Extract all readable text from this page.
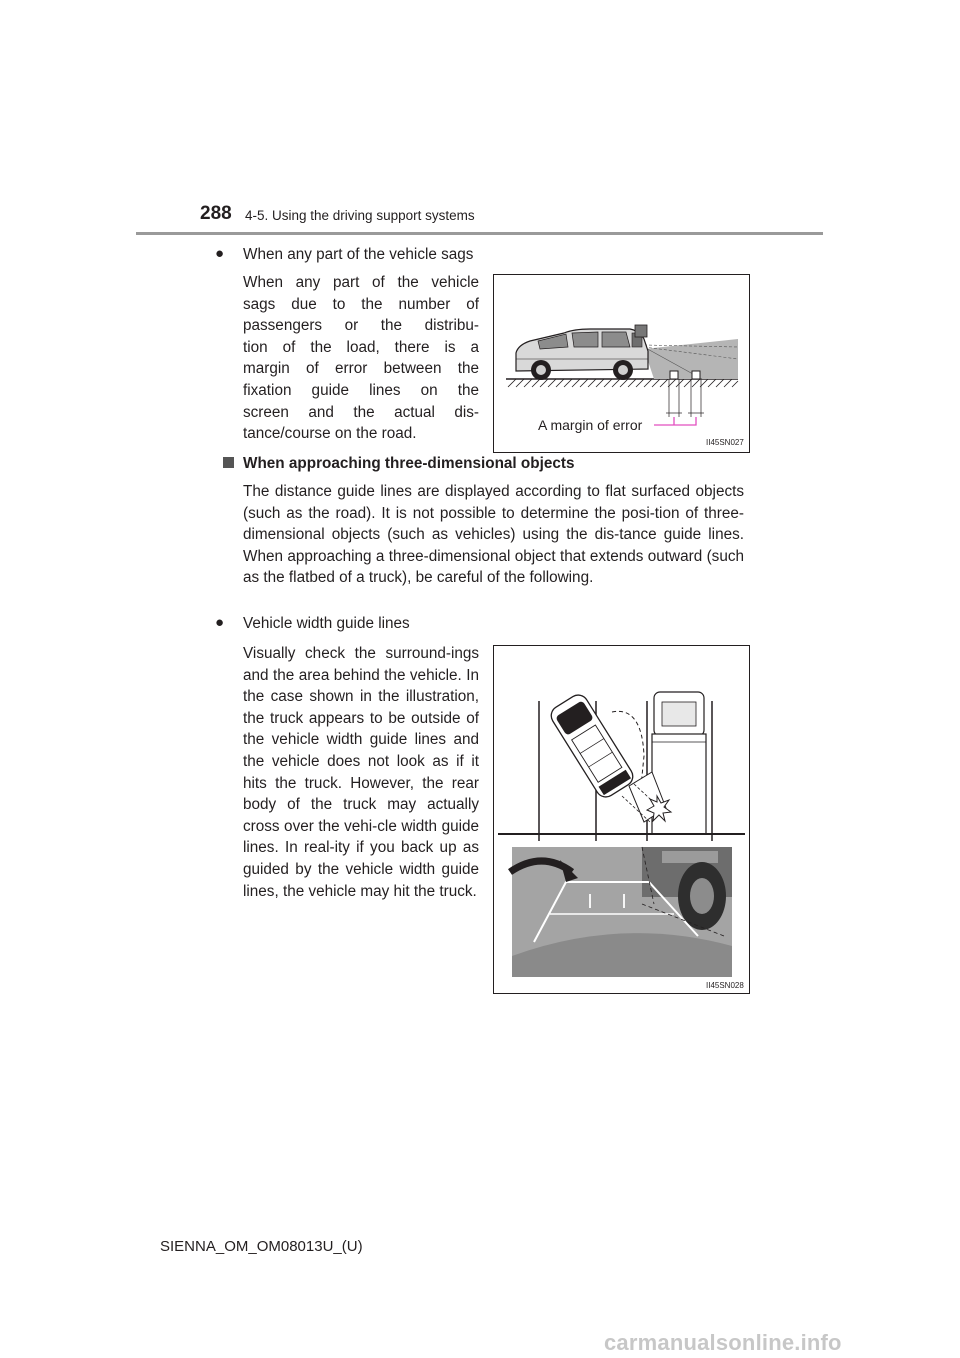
288 4-5. Using the driving support systems
● When any part of the vehicle sags
When any part of the vehicle
sags due to the number of
passengers or the distribu-
tion of the load, there is a
margin of error between the
fixation guide lines on the
screen and the actual dis-
tance/course on the road.
A margin of error
II45SN027
When approaching three-dimensional objects
The distance guide lines are displayed according to flat surfaced objects (such as the road). It is not possible to determine the posi-tion of three-dimensional objects (such as vehicles) using the dis-tance guide lines. When approaching a three-dimensional object that extends outward (such as the flatbed of a truck), be careful of the following.
● Vehicle width guide lines
Visually check the surround-ings and the area behind the vehicle. In the case shown in the illustration, the truck appears to be outside of the vehicle width guide lines and the vehicle does not look as if it hits the truck. However, the rear body of the truck may actually cross over the vehi-cle width guide lines. In real-ity if you back up as guided by the vehicle width guide lines, the vehicle may hit the truck.
II45SN028
SIENNA_OM_OM08013U_(U)
carmanualsonline.info
